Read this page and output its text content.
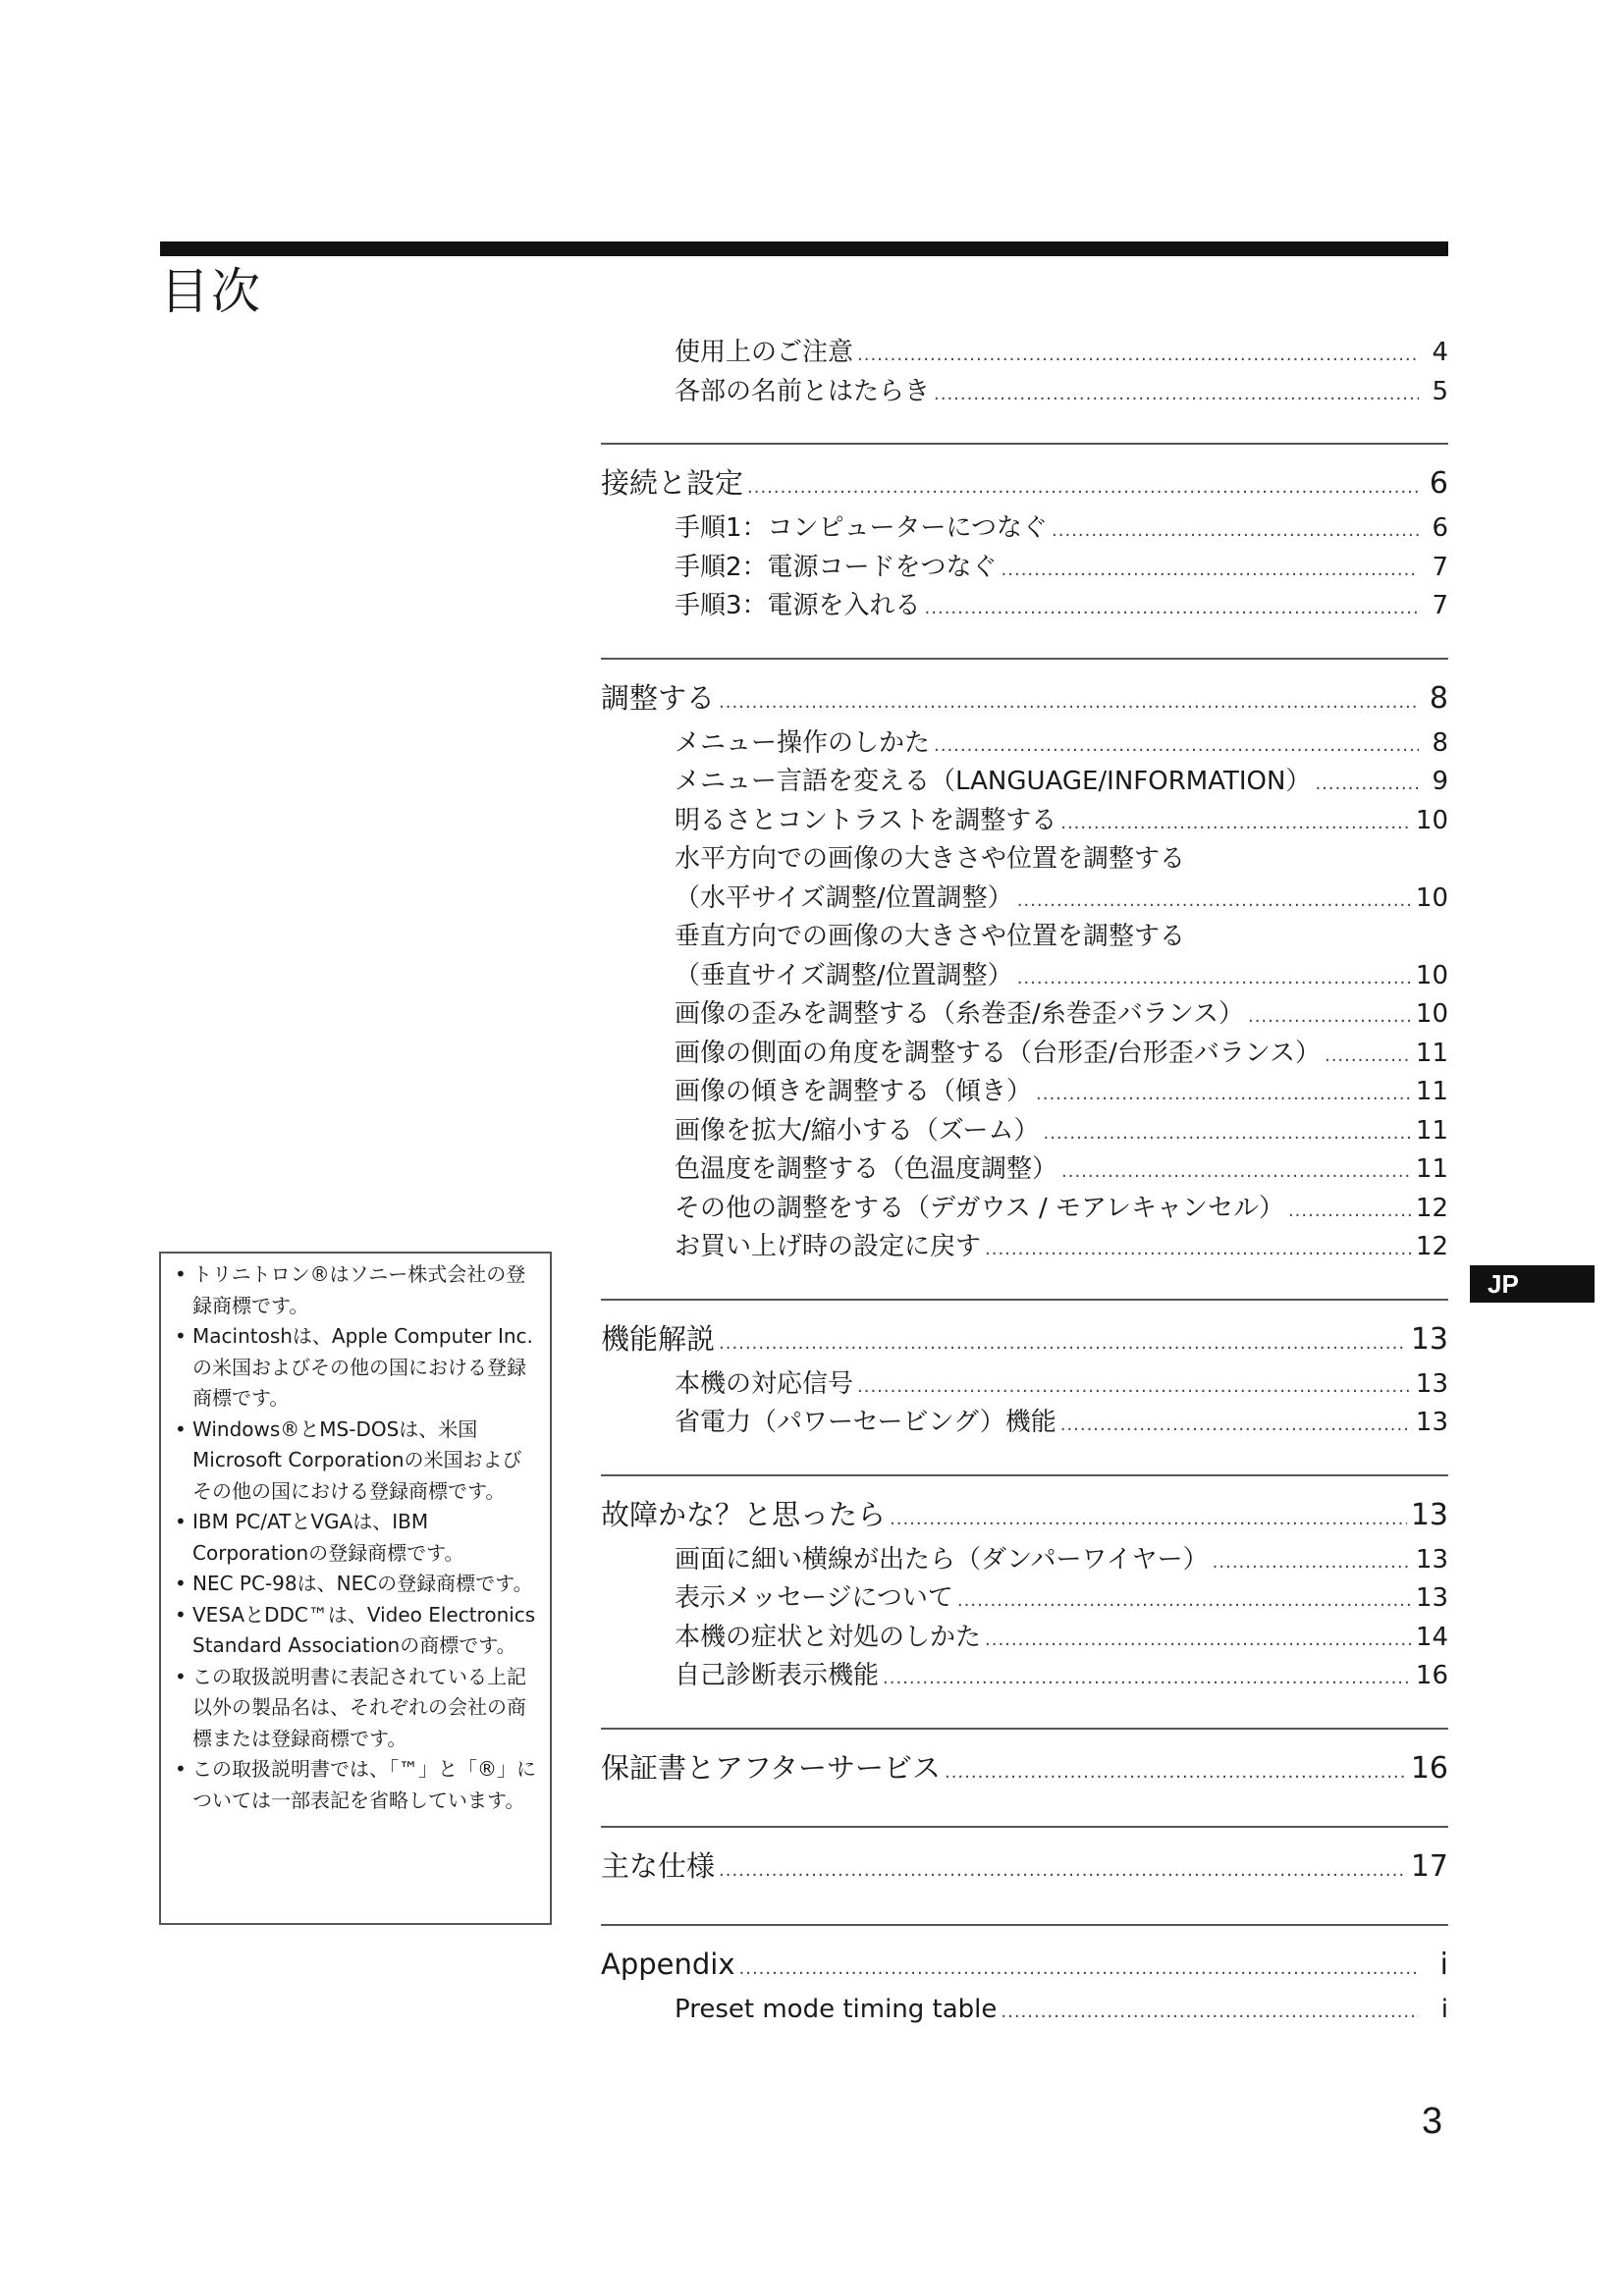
目次
使用上のご注意 .....	4
各部の名前とはたらき .....	5
接続と設定 .....	6
手順1：コンピューターにつなぐ .....	6
手順2：電源コードをつなぐ .....	7
手順3：電源を入れる .....	7
調整する .....	8
メニュー操作のしかた .....	8
メニュー言語を変える（LANGUAGE/INFORMATION） .....	9
明るさとコントラストを調整する .....	10
水平方向での画像の大きさや位置を調整する
（水平サイズ調整/位置調整） .....	10
垂直方向での画像の大きさや位置を調整する
（垂直サイズ調整/位置調整） .....	10
画像の歪みを調整する（糸巻歪/糸巻歪バランス） .....	10
画像の側面の角度を調整する（台形歪/台形歪バランス） .....	11
画像の傾きを調整する（傾き） .....	11
画像を拡大/縮小する（ズーム） .....	11
色温度を調整する（色温度調整） .....	11
その他の調整をする（デガウス / モアレキャンセル） .....	12
お買い上げ時の設定に戻す .....	12
機能解説 .....	13
本機の対応信号 .....	13
省電力（パワーセービング）機能 .....	13
故障かな？と思ったら .....	13
画面に細い横線が出たら（ダンパーワイヤー） .....	13
表示メッセージについて .....	13
本機の症状と対処のしかた .....	14
自己診断表示機能 .....	16
保証書とアフターサービス .....	16
主な仕様 .....	17
Appendix .....	i
Preset mode timing table .....	i
JP
• トリニトロン®はソニー株式会社の登録商標です。
• Macintoshは、Apple Computer Inc.の米国およびその他の国における登録商標です。
• Windows®とMS-DOSは、米国Microsoft Corporationの米国およびその他の国における登録商標です。
• IBM PC/ATとVGAは、IBM Corporationの登録商標です。
• NEC PC-98は、NECの登録商標です。
• VESAとDDC™は、Video Electronics Standard Associationの商標です。
• この取扱説明書に表記されている上記以外の製品名は、それぞれの会社の商標または登録商標です。
• この取扱説明書では、「™」と「®」については一部表記を省略しています。
3
